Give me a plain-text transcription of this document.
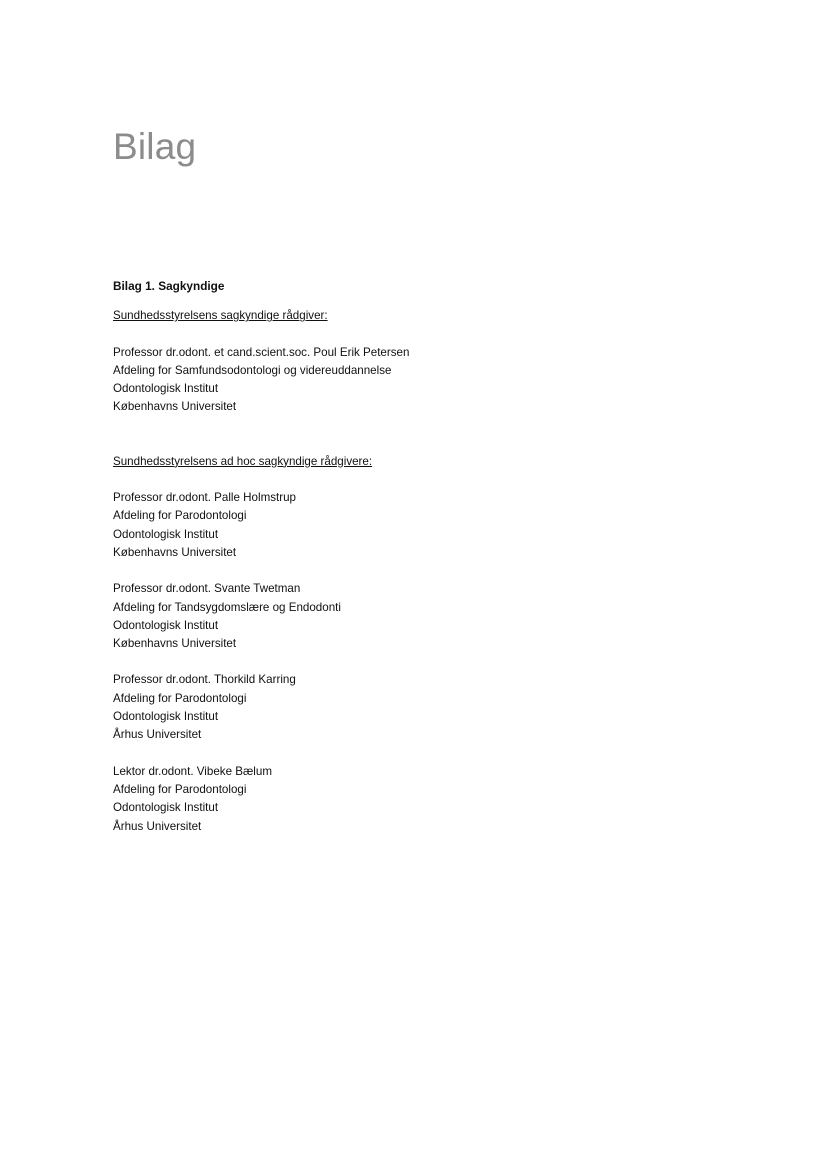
Bilag

Bilag 1. Sagkyndige

Sundhedsstyrelsens sagkyndige rådgiver:

Professor dr.odont. et cand.scient.soc. Poul Erik Petersen
Afdeling for Samfundsodontologi og videreuddannelse
Odontologisk Institut
Københavns Universitet

Sundhedsstyrelsens ad hoc sagkyndige rådgivere:

Professor dr.odont. Palle Holmstrup
Afdeling for Parodontologi
Odontologisk Institut
Københavns Universitet
Professor dr.odont. Svante Twetman
Afdeling for Tandsygdomslære og Endodonti
Odontologisk Institut
Københavns Universitet
Professor dr.odont. Thorkild Karring
Afdeling for Parodontologi
Odontologisk Institut
Århus Universitet
Lektor dr.odont. Vibeke Bælum
Afdeling for Parodontologi
Odontologisk Institut
Århus Universitet
